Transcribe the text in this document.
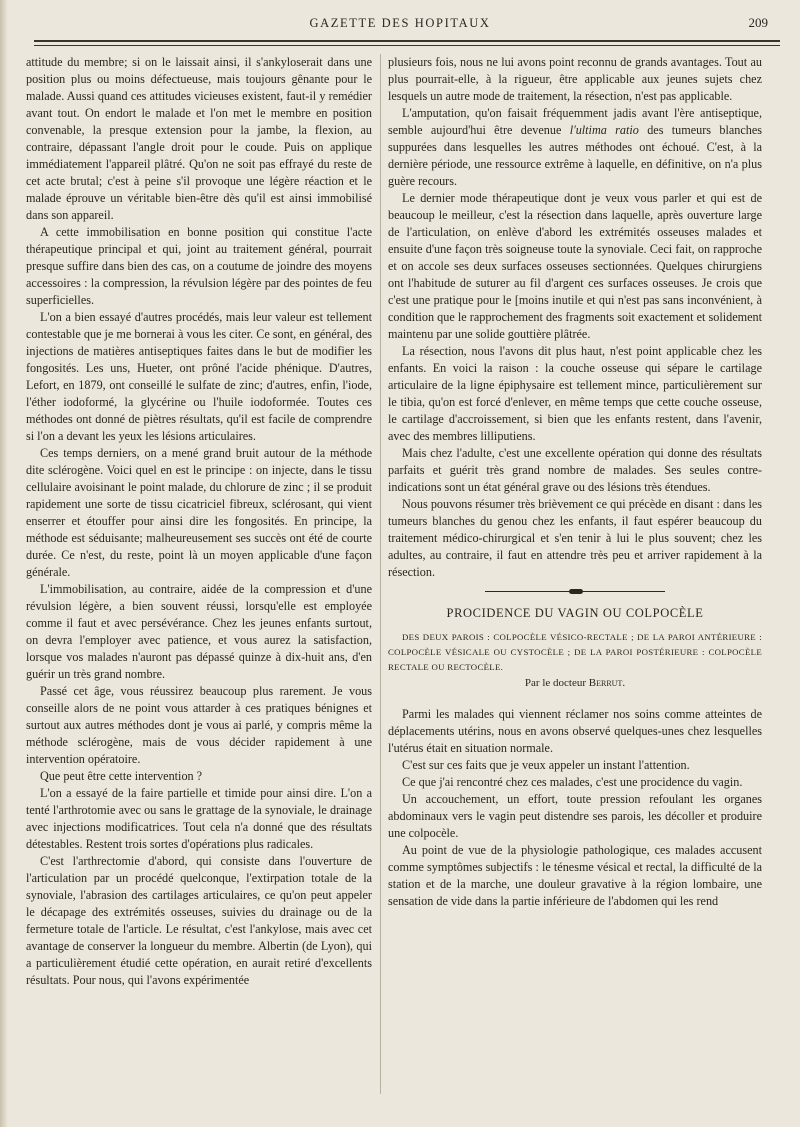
GAZETTE DES HOPITAUX	209

attitude du membre; si on le laissait ainsi, il s'ankyloserait dans une position plus ou moins défectueuse, mais toujours gênante pour le malade. Aussi quand ces attitudes vicieuses existent, faut-il y remédier avant tout. On endort le malade et l'on met le membre en position convenable, la presque extension pour la jambe, la flexion, au contraire, dépassant l'angle droit pour le coude. Puis on applique immédiatement l'appareil plâtré. Qu'on ne soit pas effrayé du reste de cet acte brutal; c'est à peine s'il provoque une légère réaction et le malade éprouve un véritable bien-être dès qu'il est ainsi immobilisé dans son appareil.

A cette immobilisation en bonne position qui constitue l'acte thérapeutique principal et qui, joint au traitement général, pourrait presque suffire dans bien des cas, on a coutume de joindre des moyens accessoires : la compression, la révulsion légère par des pointes de feu superficielles.

L'on a bien essayé d'autres procédés, mais leur valeur est tellement contestable que je me bornerai à vous les citer. Ce sont, en général, des injections de matières antiseptiques faites dans le but de modifier les fongosités. Les uns, Hueter, ont prôné l'acide phénique. D'autres, Lefort, en 1879, ont conseillé le sulfate de zinc; d'autres, enfin, l'iode, l'éther iodoformé, la glycérine ou l'huile iodoformée. Toutes ces méthodes ont donné de piètres résultats, qu'il est facile de comprendre si l'on a devant les yeux les lésions articulaires.

Ces temps derniers, on a mené grand bruit autour de la méthode dite sclérogène. Voici quel en est le principe : on injecte, dans le tissu cellulaire avoisinant le point malade, du chlorure de zinc ; il se produit rapidement une sorte de tissu cicatriciel fibreux, sclérosant, qui vient enserrer et étouffer pour ainsi dire les fongosités. En principe, la méthode est séduisante; malheureusement ses succès ont été de courte durée. Ce n'est, du reste, point là un moyen applicable d'une façon générale.

L'immobilisation, au contraire, aidée de la compression et d'une révulsion légère, a bien souvent réussi, lorsqu'elle est employée comme il faut et avec persévérance. Chez les jeunes enfants surtout, on devra l'employer avec patience, et vous aurez la satisfaction, lorsque vos malades n'auront pas dépassé quinze à dix-huit ans, d'en guérir un très grand nombre.

Passé cet âge, vous réussirez beaucoup plus rarement. Je vous conseille alors de ne point vous attarder à ces pratiques bénignes et surtout aux autres méthodes dont je vous ai parlé, y compris même la méthode sclérogène, mais de vous décider rapidement à une intervention opératoire.

Que peut être cette intervention ?

L'on a essayé de la faire partielle et timide pour ainsi dire. L'on a tenté l'arthrotomie avec ou sans le grattage de la synoviale, le drainage avec injections modificatrices. Tout cela n'a donné que des résultats détestables. Restent trois sortes d'opérations plus radicales.

C'est l'arthrectomie d'abord, qui consiste dans l'ouverture de l'articulation par un procédé quelconque, l'extirpation totale de la synoviale, l'abrasion des cartilages articulaires, ce qu'on peut appeler le décapage des extrémités osseuses, suivies du drainage ou de la fermeture totale de l'article. Le résultat, c'est l'ankylose, mais avec cet avantage de conserver la longueur du membre. Albertin (de Lyon), qui a particulièrement étudié cette opération, en aurait retiré d'excellents résultats. Pour nous, qui l'avons expérimentée

plusieurs fois, nous ne lui avons point reconnu de grands avantages. Tout au plus pourrait-elle, à la rigueur, être applicable aux jeunes sujets chez lesquels un autre mode de traitement, la résection, n'est pas applicable.

L'amputation, qu'on faisait fréquemment jadis avant l'ère antiseptique, semble aujourd'hui être devenue l'ultima ratio des tumeurs blanches suppurées dans lesquelles les autres méthodes ont échoué. C'est, à la dernière période, une ressource extrême à laquelle, en définitive, on n'a plus guère recours.

Le dernier mode thérapeutique dont je veux vous parler et qui est de beaucoup le meilleur, c'est la résection dans laquelle, après ouverture large de l'articulation, on enlève d'abord les extrémités osseuses malades et ensuite d'une façon très soigneuse toute la synoviale. Ceci fait, on rapproche et on accole ses deux surfaces osseuses sectionnées. Quelques chirurgiens ont l'habitude de suturer au fil d'argent ces surfaces osseuses. Je crois que c'est une pratique pour le [moins inutile et qui n'est pas sans inconvénient, à condition que le rapprochement des fragments soit exactement et solidement maintenu par une solide gouttière plâtrée.

La résection, nous l'avons dit plus haut, n'est point applicable chez les enfants. En voici la raison : la couche osseuse qui sépare le cartilage articulaire de la ligne épiphysaire est tellement mince, particulièrement sur le tibia, qu'on est forcé d'enlever, en même temps que cette couche osseuse, le cartilage d'accroissement, si bien que les enfants restent, dans l'avenir, avec des membres lilliputiens.

Mais chez l'adulte, c'est une excellente opération qui donne des résultats parfaits et guérit très grand nombre de malades. Ses seules contre-indications sont un état général grave ou des lésions très étendues.

Nous pouvons résumer très brièvement ce qui précède en disant : dans les tumeurs blanches du genou chez les enfants, il faut espérer beaucoup du traitement médico-chirurgical et s'en tenir à lui le plus souvent; chez les adultes, au contraire, il faut en attendre très peu et arriver rapidement à la résection.

PROCIDENCE DU VAGIN OU COLPOCÈLE

DES DEUX PAROIS : COLPOCÈLE VÉSICO-RECTALE ; DE LA PAROI ANTÉRIEURE : COLPOCÈLE VÉSICALE OU CYSTOCÈLE ; DE LA PAROI POSTÉRIEURE : COLPOCÈLE RECTALE OU RECTOCÈLE.

Par le docteur Berrut.

Parmi les malades qui viennent réclamer nos soins comme atteintes de déplacements utérins, nous en avons observé quelques-unes chez lesquelles l'utérus était en situation normale.

C'est sur ces faits que je veux appeler un instant l'attention.

Ce que j'ai rencontré chez ces malades, c'est une procidence du vagin.

Un accouchement, un effort, toute pression refoulant les organes abdominaux vers le vagin peut distendre ses parois, les décoller et produire une colpocèle.

Au point de vue de la physiologie pathologique, ces malades accusent comme symptômes subjectifs : le ténesme vésical et rectal, la difficulté de la station et de la marche, une douleur gravative à la région lombaire, une sensation de vide dans la partie inférieure de l'abdomen qui les rend
